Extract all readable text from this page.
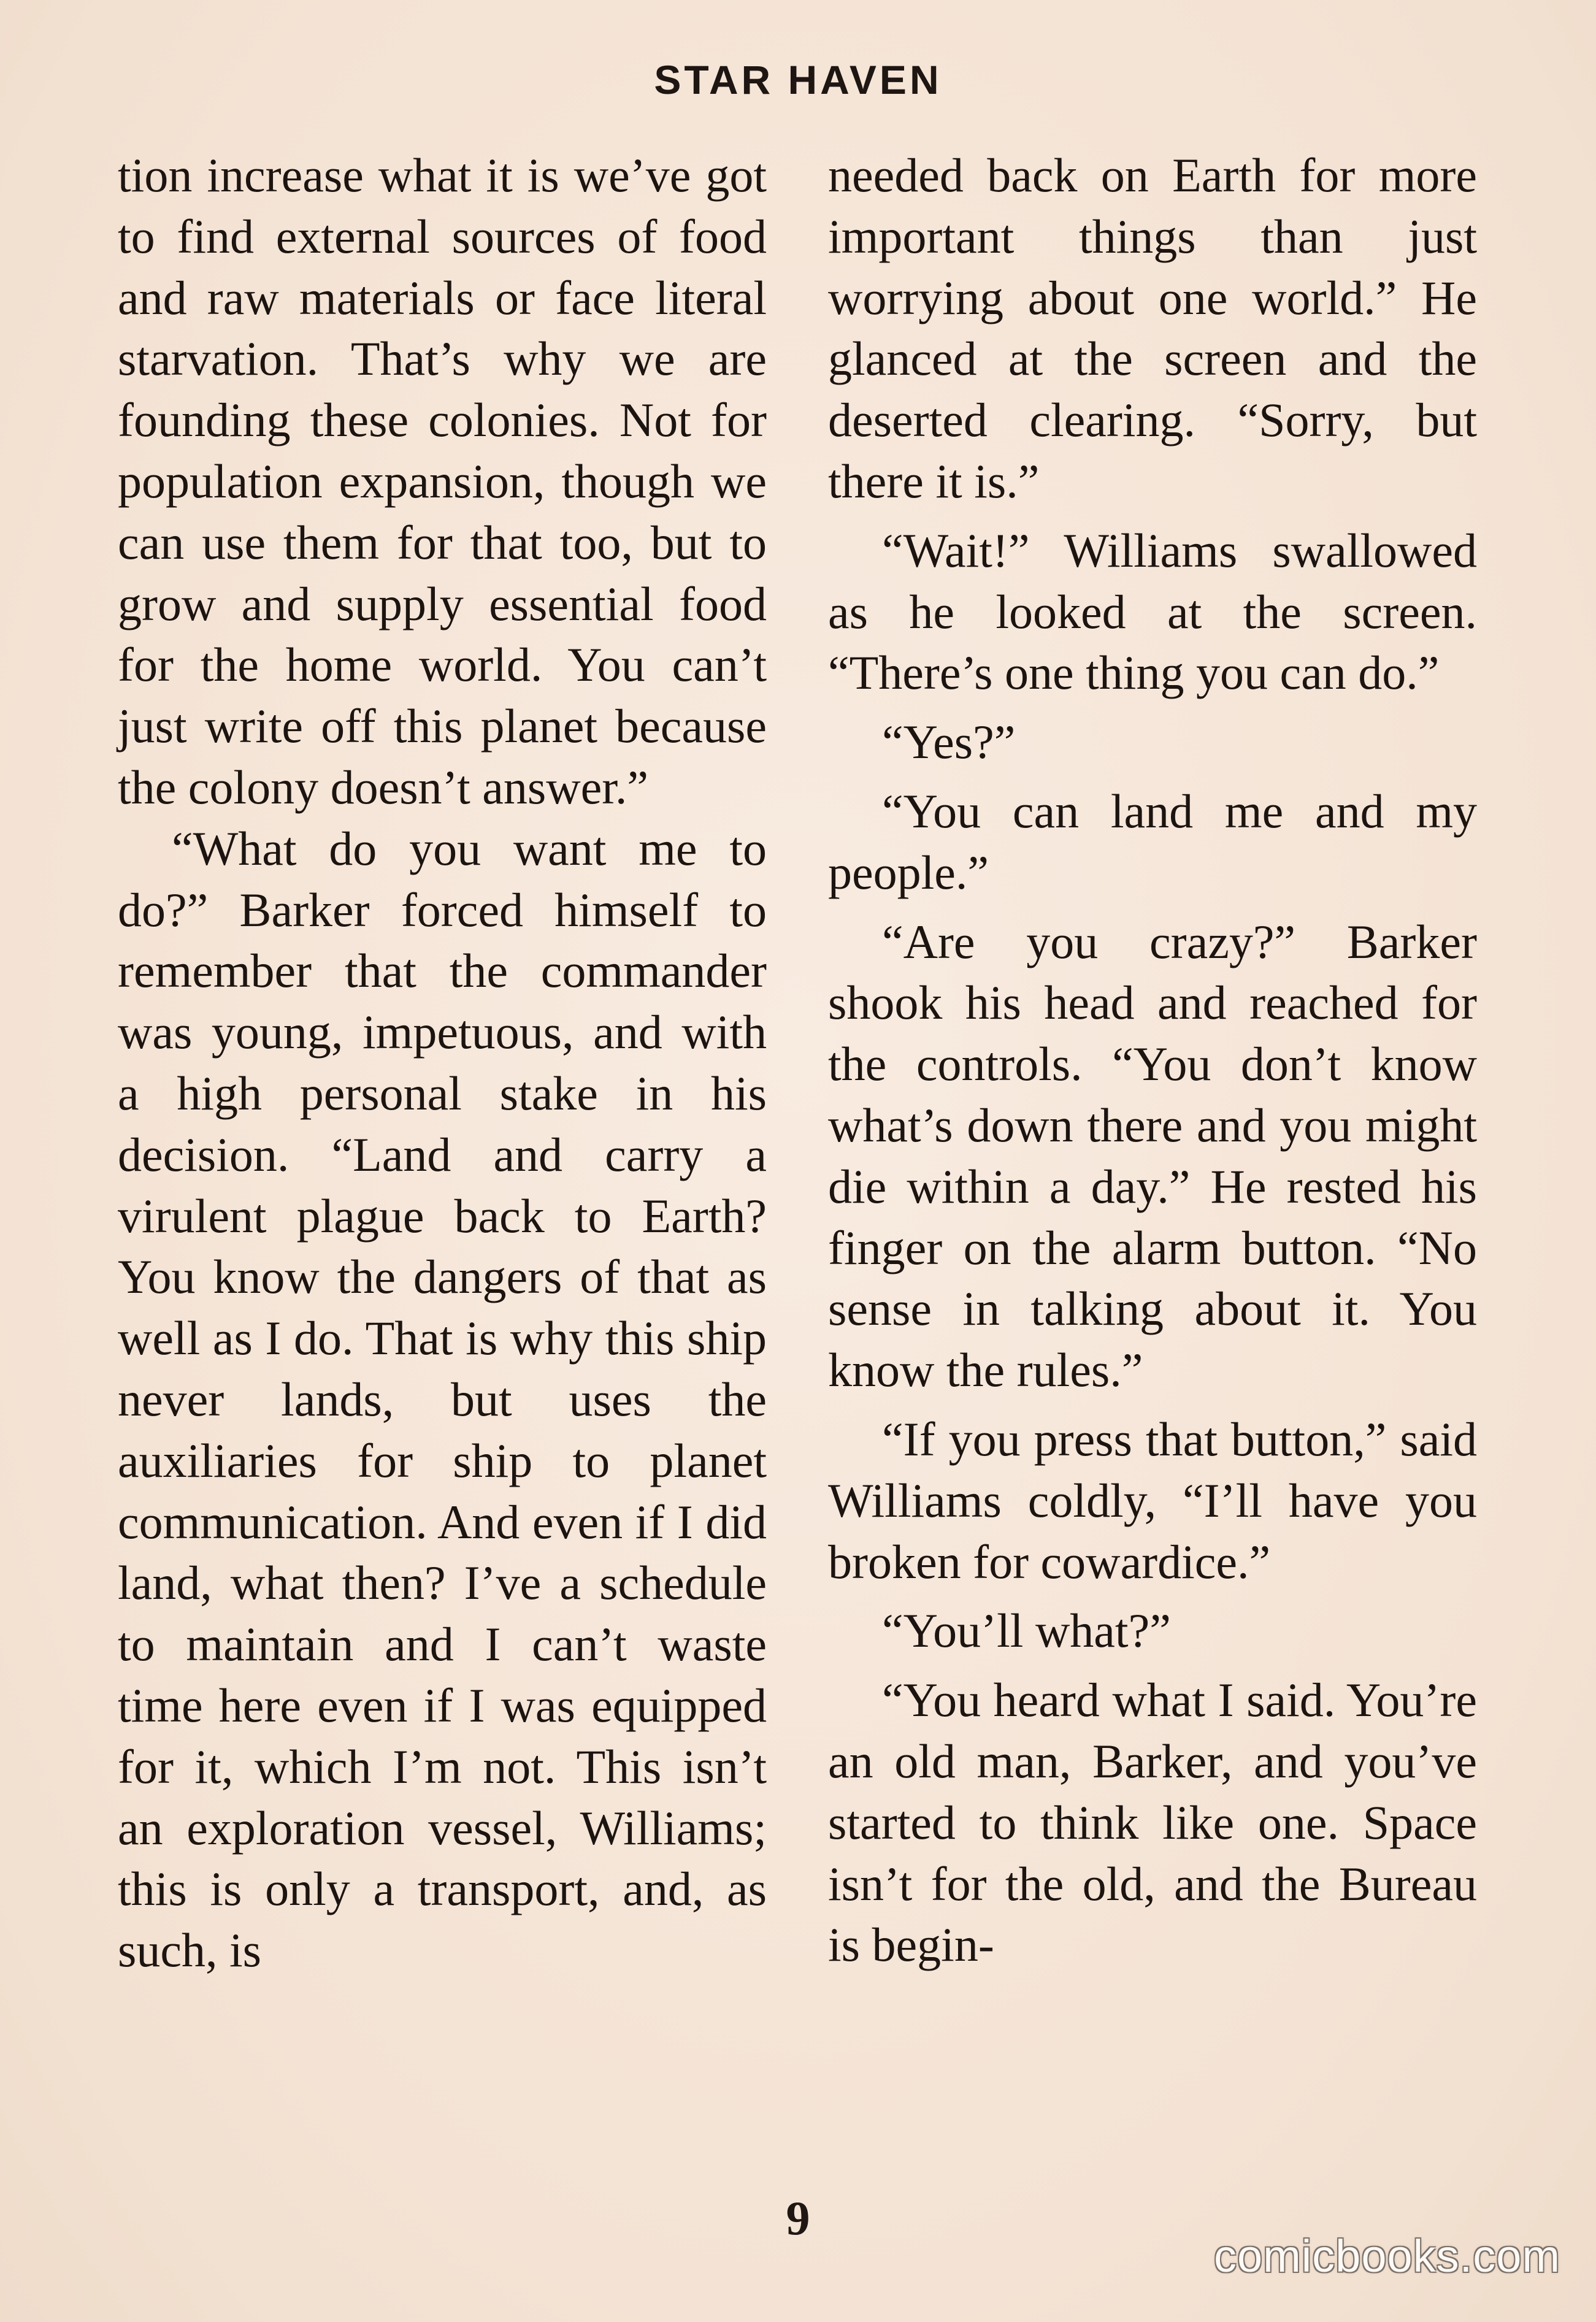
STAR HAVEN

tion increase what it is we’ve got to find external sources of food and raw materials or face literal starvation. That’s why we are founding these colonies. Not for population expansion, though we can use them for that too, but to grow and supply essential food for the home world. You can’t just write off this planet because the colony doesn’t answer.”

“What do you want me to do?” Barker forced himself to remember that the commander was young, impetuous, and with a high personal stake in his decision. “Land and carry a virulent plague back to Earth? You know the dangers of that as well as I do. That is why this ship never lands, but uses the auxiliaries for ship to planet communication. And even if I did land, what then? I’ve a schedule to maintain and I can’t waste time here even if I was equipped for it, which I’m not. This isn’t an exploration vessel, Williams; this is only a transport, and, as such, is

needed back on Earth for more important things than just worrying about one world.” He glanced at the screen and the deserted clearing. “Sorry, but there it is.”

“Wait!” Williams swallowed as he looked at the screen. “There’s one thing you can do.”

“Yes?”

“You can land me and my people.”

“Are you crazy?” Barker shook his head and reached for the controls. “You don’t know what’s down there and you might die within a day.” He rested his finger on the alarm button. “No sense in talking about it. You know the rules.”

“If you press that button,” said Williams coldly, “I’ll have you broken for cowardice.”

“You’ll what?”

“You heard what I said. You’re an old man, Barker, and you’ve started to think like one. Space isn’t for the old, and the Bureau is begin-

9
comicbooks.com
